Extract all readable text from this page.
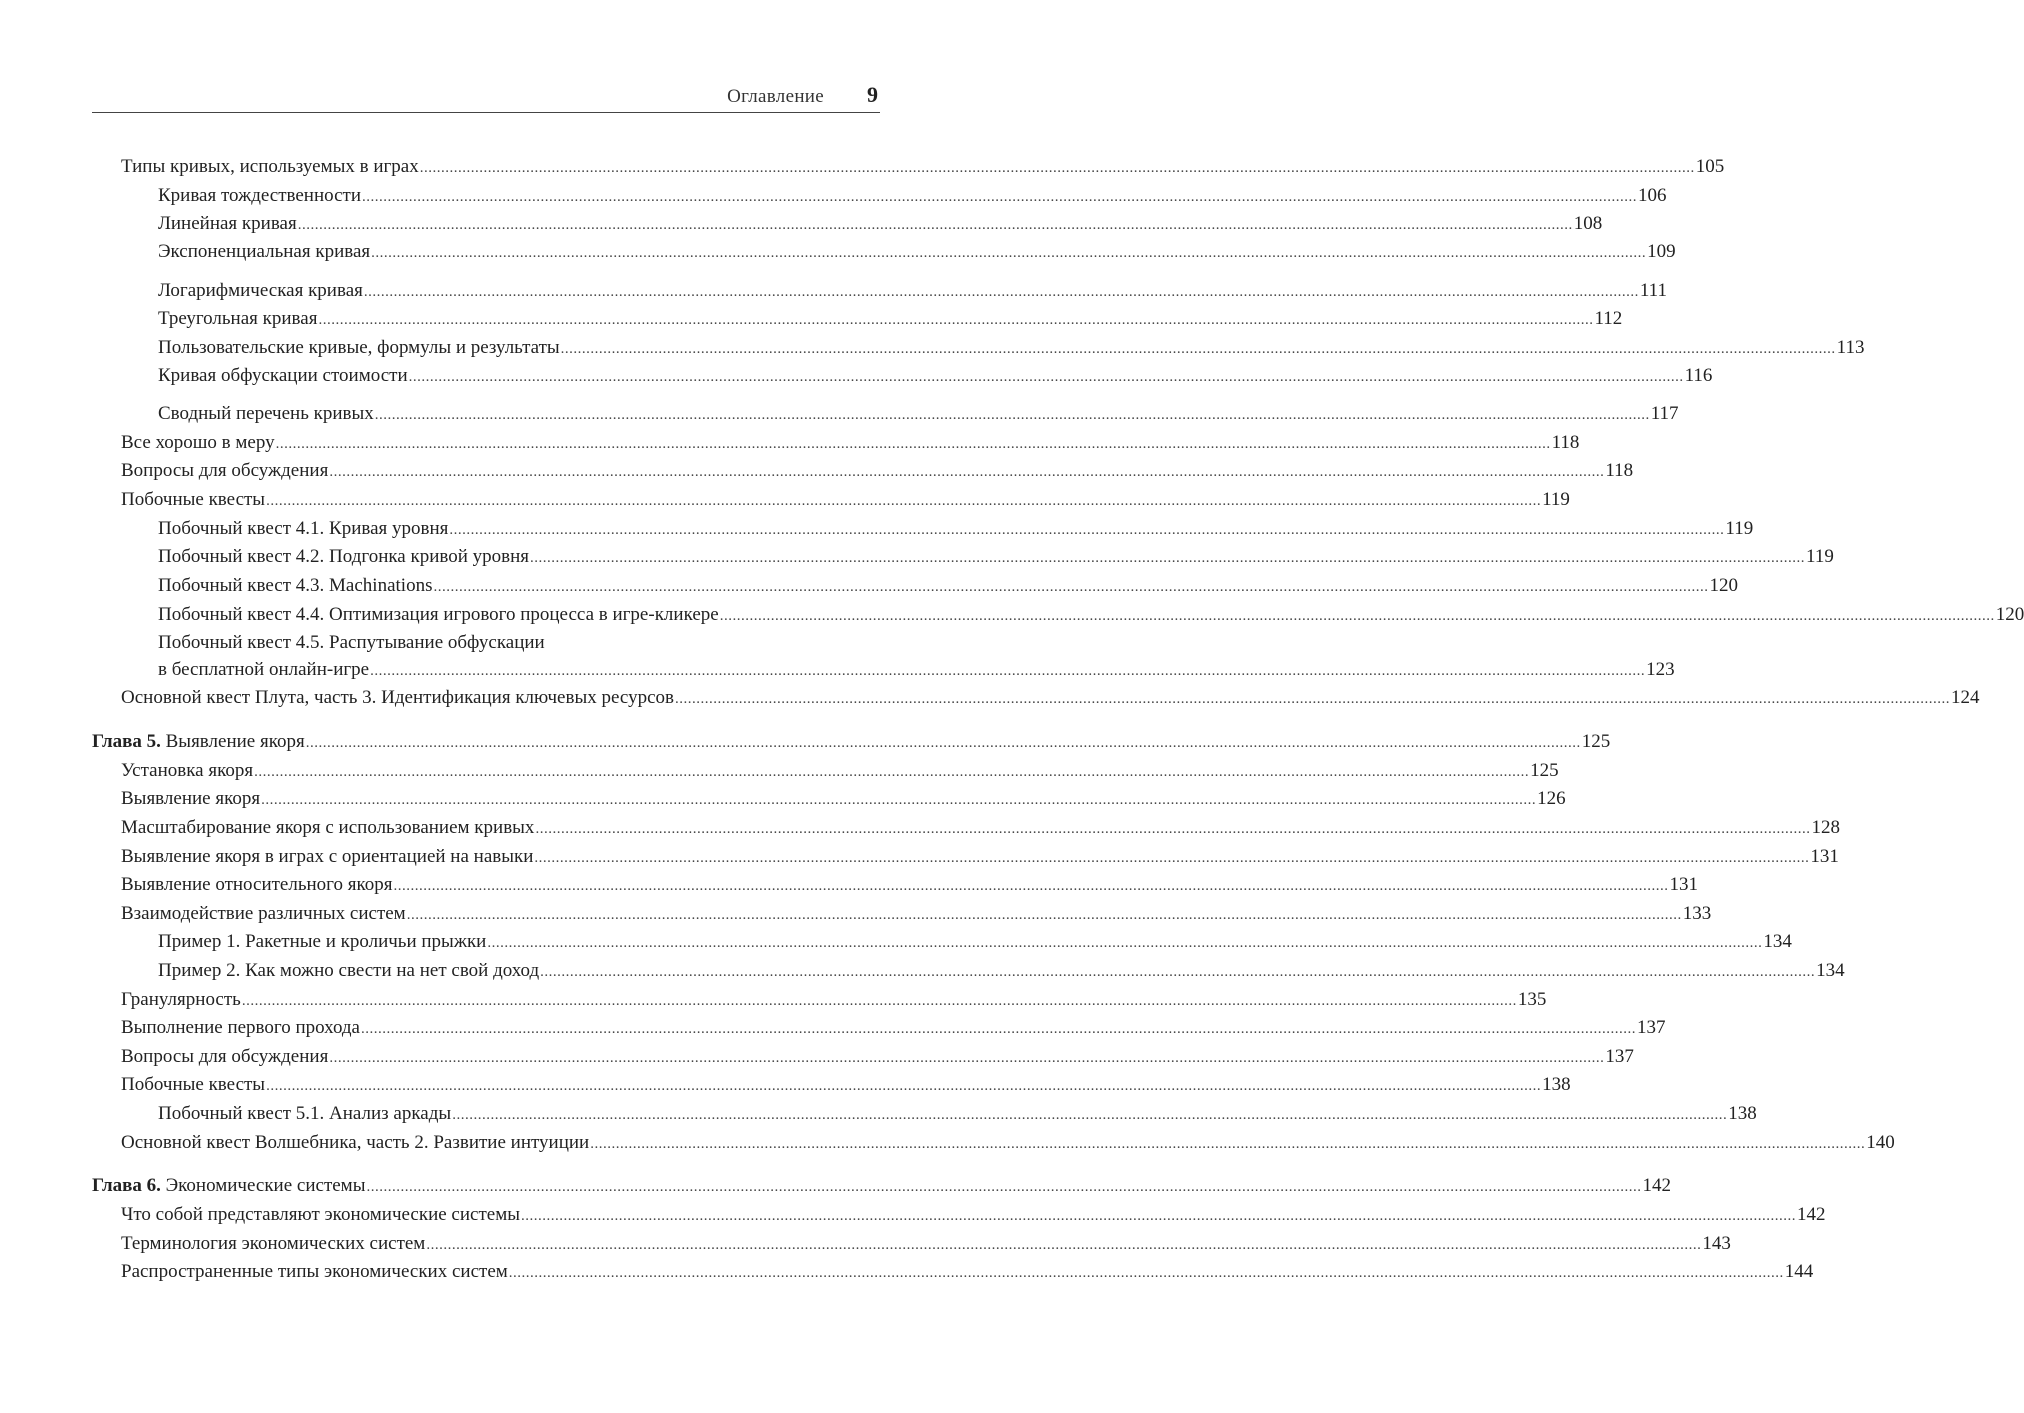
Оглавление 9
Типы кривых, используемых в играх ............................................................................................................................................................................................................................................................................................................ 105
Кривая тождественности ............................................................................................................................................................................................................................................................................................................ 106
Линейная кривая ............................................................................................................................................................................................................................................................................................................ 108
Экспоненциальная кривая ............................................................................................................................................................................................................................................................................................................ 109
Логарифмическая кривая ............................................................................................................................................................................................................................................................................................................ 111
Треугольная кривая ............................................................................................................................................................................................................................................................................................................ 112
Пользовательские кривые, формулы и результаты ............................................................................................................................................................................................................................................................................................................ 113
Кривая обфускации стоимости ............................................................................................................................................................................................................................................................................................................ 116
Сводный перечень кривых ............................................................................................................................................................................................................................................................................................................ 117
Все хорошо в меру ............................................................................................................................................................................................................................................................................................................ 118
Вопросы для обсуждения ............................................................................................................................................................................................................................................................................................................ 118
Побочные квесты ............................................................................................................................................................................................................................................................................................................ 119
Побочный квест 4.1. Кривая уровня ............................................................................................................................................................................................................................................................................................................ 119
Побочный квест 4.2. Подгонка кривой уровня ............................................................................................................................................................................................................................................................................................................ 119
Побочный квест 4.3. Machinations ............................................................................................................................................................................................................................................................................................................ 120
Побочный квест 4.4. Оптимизация игрового процесса в игре-кликере ............................................................................................................................................................................................................................................................................................................ 120
Побочный квест 4.5. Распутывание обфускации
в бесплатной онлайн-игре ............................................................................................................................................................................................................................................................................................................ 123
Основной квест Плута, часть 3. Идентификация ключевых ресурсов ............................................................................................................................................................................................................................................................................................................ 124
Глава 5. Выявление якоря ............................................................................................................................................................................................................................................................................................................ 125
Установка якоря ............................................................................................................................................................................................................................................................................................................ 125
Выявление якоря ............................................................................................................................................................................................................................................................................................................ 126
Масштабирование якоря с использованием кривых ............................................................................................................................................................................................................................................................................................................ 128
Выявление якоря в играх с ориентацией на навыки ............................................................................................................................................................................................................................................................................................................ 131
Выявление относительного якоря ............................................................................................................................................................................................................................................................................................................ 131
Взаимодействие различных систем ............................................................................................................................................................................................................................................................................................................ 133
Пример 1. Ракетные и кроличьи прыжки ............................................................................................................................................................................................................................................................................................................ 134
Пример 2. Как можно свести на нет свой доход ............................................................................................................................................................................................................................................................................................................ 134
Гранулярность ............................................................................................................................................................................................................................................................................................................ 135
Выполнение первого прохода ............................................................................................................................................................................................................................................................................................................ 137
Вопросы для обсуждения ............................................................................................................................................................................................................................................................................................................ 137
Побочные квесты ............................................................................................................................................................................................................................................................................................................ 138
Побочный квест 5.1. Анализ аркады ............................................................................................................................................................................................................................................................................................................ 138
Основной квест Волшебника, часть 2. Развитие интуиции ............................................................................................................................................................................................................................................................................................................ 140
Глава 6. Экономические системы ............................................................................................................................................................................................................................................................................................................ 142
Что собой представляют экономические системы ............................................................................................................................................................................................................................................................................................................ 142
Терминология экономических систем ............................................................................................................................................................................................................................................................................................................ 143
Распространенные типы экономических систем ............................................................................................................................................................................................................................................................................................................ 144
